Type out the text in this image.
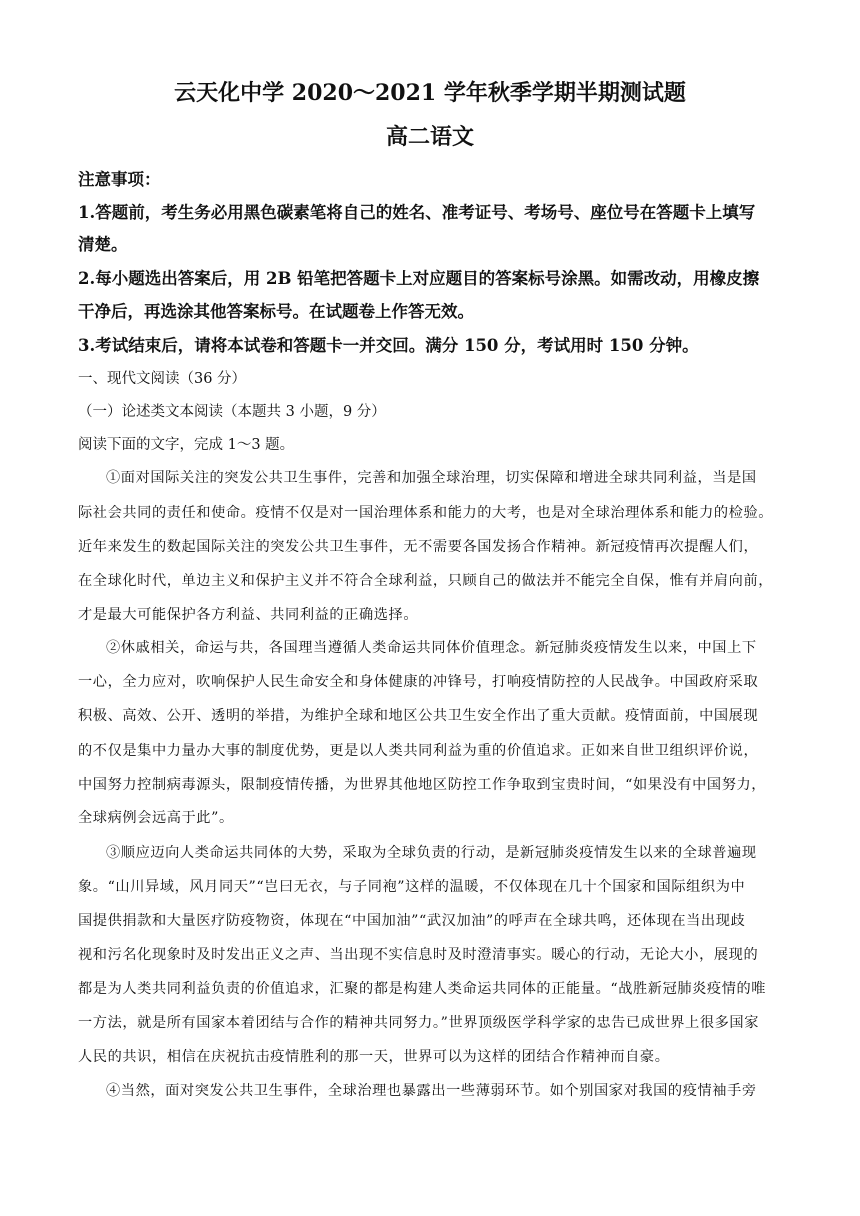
云天化中学 2020～2021 学年秋季学期半期测试题
高二语文
注意事项：
1.答题前，考生务必用黑色碳素笔将自己的姓名、准考证号、考场号、座位号在答题卡上填写
清楚。
2.每小题选出答案后，用 2B 铅笔把答题卡上对应题目的答案标号涂黑。如需改动，用橡皮擦
干净后，再选涂其他答案标号。在试题卷上作答无效。
3.考试结束后，请将本试卷和答题卡一并交回。满分 150 分，考试用时 150 分钟。
一、现代文阅读（36 分）
（一）论述类文本阅读（本题共 3 小题，9 分）
阅读下面的文字，完成 1～3 题。
①面对国际关注的突发公共卫生事件，完善和加强全球治理，切实保障和增进全球共同利益，当是国
际社会共同的责任和使命。疫情不仅是对一国治理体系和能力的大考，也是对全球治理体系和能力的检验。
近年来发生的数起国际关注的突发公共卫生事件，无不需要各国发扬合作精神。新冠疫情再次提醒人们，
在全球化时代，单边主义和保护主义并不符合全球利益，只顾自己的做法并不能完全自保，惟有并肩向前，
才是最大可能保护各方利益、共同利益的正确选择。
②休戚相关，命运与共，各国理当遵循人类命运共同体价值理念。新冠肺炎疫情发生以来，中国上下
一心，全力应对，吹响保护人民生命安全和身体健康的冲锋号，打响疫情防控的人民战争。中国政府采取
积极、高效、公开、透明的举措，为维护全球和地区公共卫生安全作出了重大贡献。疫情面前，中国展现
的不仅是集中力量办大事的制度优势，更是以人类共同利益为重的价值追求。正如来自世卫组织评价说，
中国努力控制病毒源头，限制疫情传播，为世界其他地区防控工作争取到宝贵时间，“如果没有中国努力，
全球病例会远高于此”。
③顺应迈向人类命运共同体的大势，采取为全球负责的行动，是新冠肺炎疫情发生以来的全球普遍现
象。“山川异域，风月同天”“岂曰无衣，与子同袍”这样的温暖，不仅体现在几十个国家和国际组织为中
国提供捐款和大量医疗防疫物资，体现在“中国加油”“武汉加油”的呼声在全球共鸣，还体现在当出现歧
视和污名化现象时及时发出正义之声、当出现不实信息时及时澄清事实。暖心的行动，无论大小，展现的
都是为人类共同利益负责的价值追求，汇聚的都是构建人类命运共同体的正能量。“战胜新冠肺炎疫情的唯
一方法，就是所有国家本着团结与合作的精神共同努力。”世界顶级医学科学家的忠告已成世界上很多国家
人民的共识，相信在庆祝抗击疫情胜利的那一天，世界可以为这样的团结合作精神而自豪。
④当然，面对突发公共卫生事件，全球治理也暴露出一些薄弱环节。如个别国家对我国的疫情袖手旁
